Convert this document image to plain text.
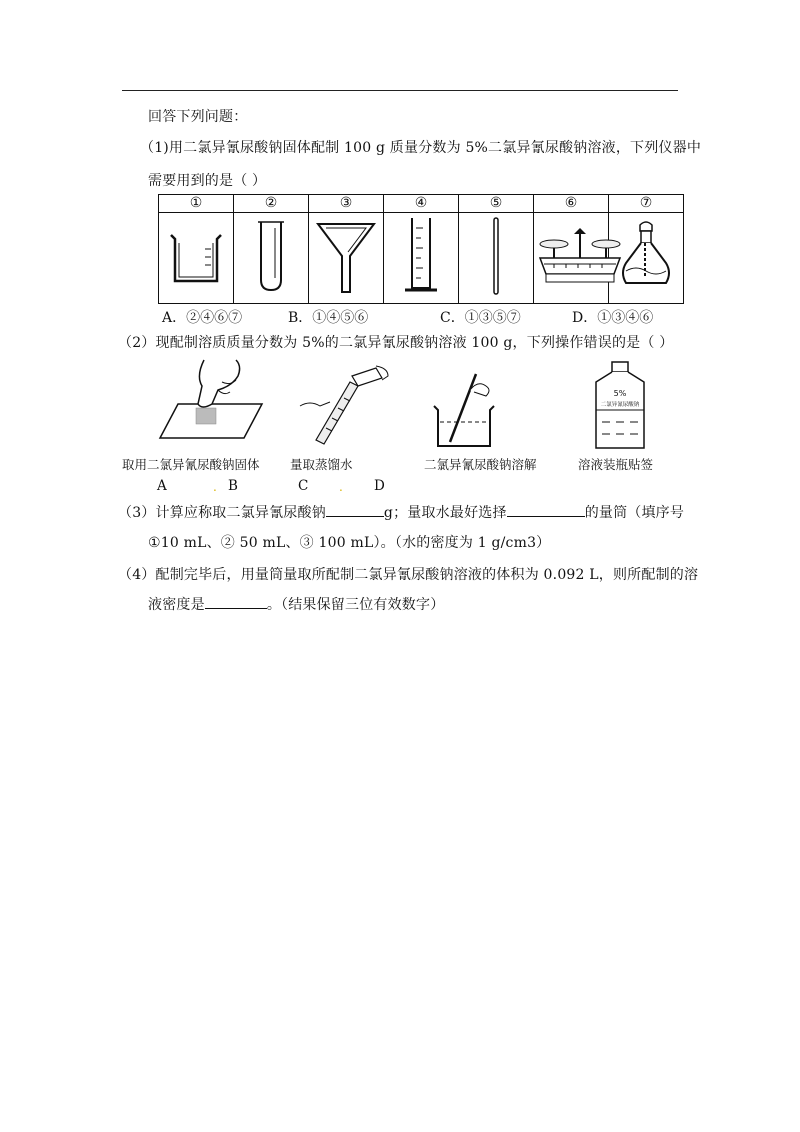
回答下列问题：
（1)用二氯异氰尿酸钠固体配制 100 g 质量分数为 5%二氯异氰尿酸钠溶液，下列仪器中
需要用到的是（ ）
①	②	③	④	⑤	⑥	⑦

A．②④⑥⑦	B．①④⑤⑥	C．①③⑤⑦	D．①③④⑥
（2）现配制溶质质量分数为 5%的二氯异氰尿酸钠溶液 100 g，下列操作错误的是（ ）
5%
二氯异氰尿酸钠
取用二氯异氰尿酸钠固体 量取蒸馏水	二氯异氰尿酸钠溶解	溶液装瓶贴签
A	. B	C	. D
（3）计算应称取二氯异氰尿酸钠	g；量取水最好选择	的量筒（填序号
①10 mL、② 50 mL、③ 100 mL）。（水的密度为 1 g/cm3）
（4）配制完毕后，用量筒量取所配制二氯异氰尿酸钠溶液的体积为 0.092 L，则所配制的溶
液密度是	。（结果保留三位有效数字）
